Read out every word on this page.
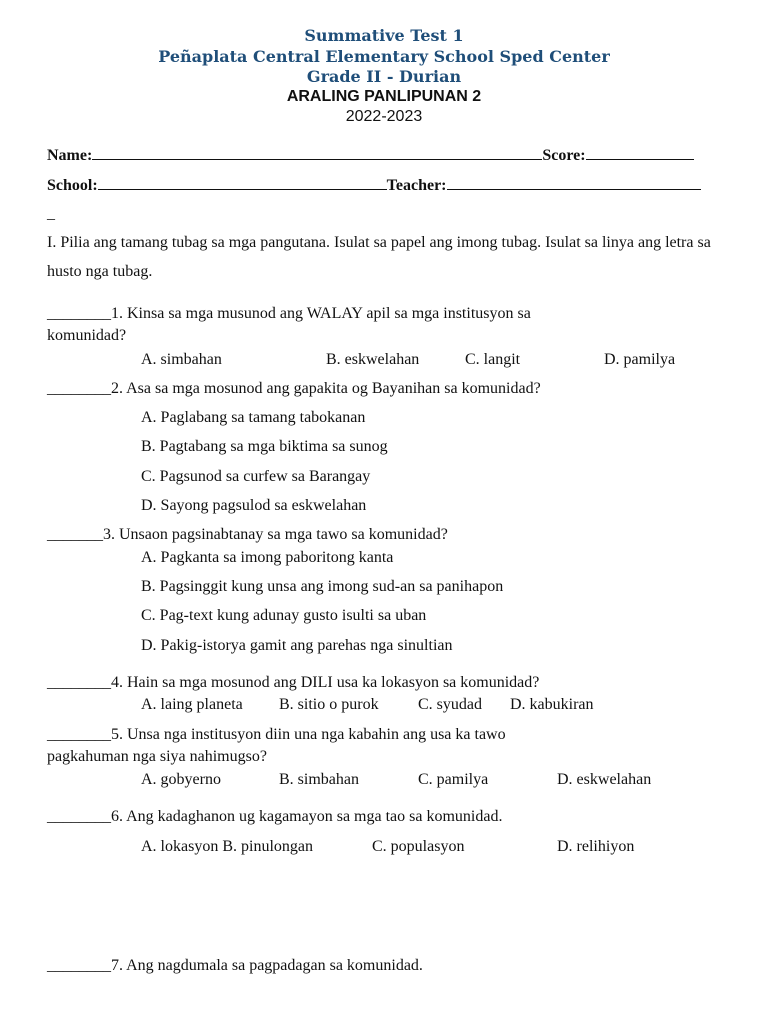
Summative Test 1
Peñaplata Central Elementary School Sped Center
Grade II - Durian
ARALING PANLIPUNAN 2
2022-2023
Name:	Score:
School:	Teacher:
_
I. Pilia ang tamang tubag sa mga pangutana. Isulat sa papel ang imong tubag. Isulat sa linya ang letra sa husto nga tubag.
________1. Kinsa sa mga musunod ang WALAY apil sa mga institusyon sa
komunidad?
A. simbahan	B. eskwelahan	C. langit	D. pamilya
________2. Asa sa mga mosunod ang gapakita og Bayanihan sa komunidad?
A. Paglabang sa tamang tabokanan
B. Pagtabang sa mga biktima sa sunog
C. Pagsunod sa curfew sa Barangay
D. Sayong pagsulod sa eskwelahan
_______3. Unsaon pagsinabtanay sa mga tawo sa komunidad?
A. Pagkanta sa imong paboritong kanta
B. Pagsinggit kung unsa ang imong sud-an sa panihapon
C. Pag-text kung adunay gusto isulti sa uban
D. Pakig-istorya gamit ang parehas nga sinultian
________4. Hain sa mga mosunod ang DILI usa ka lokasyon sa komunidad?
A. laing planeta B. sitio o purok C. syudad D. kabukiran
________5. Unsa nga institusyon diin una nga kabahin ang usa ka tawo
pagkahuman nga siya nahimugso?
A. gobyerno	B. simbahan	C. pamilya	D. eskwelahan
________6. Ang kadaghanon ug kagamayon sa mga tao sa komunidad.
A. lokasyon B. pinulongan	C. populasyon	D. relihiyon
________7. Ang nagdumala sa pagpadagan sa komunidad.
